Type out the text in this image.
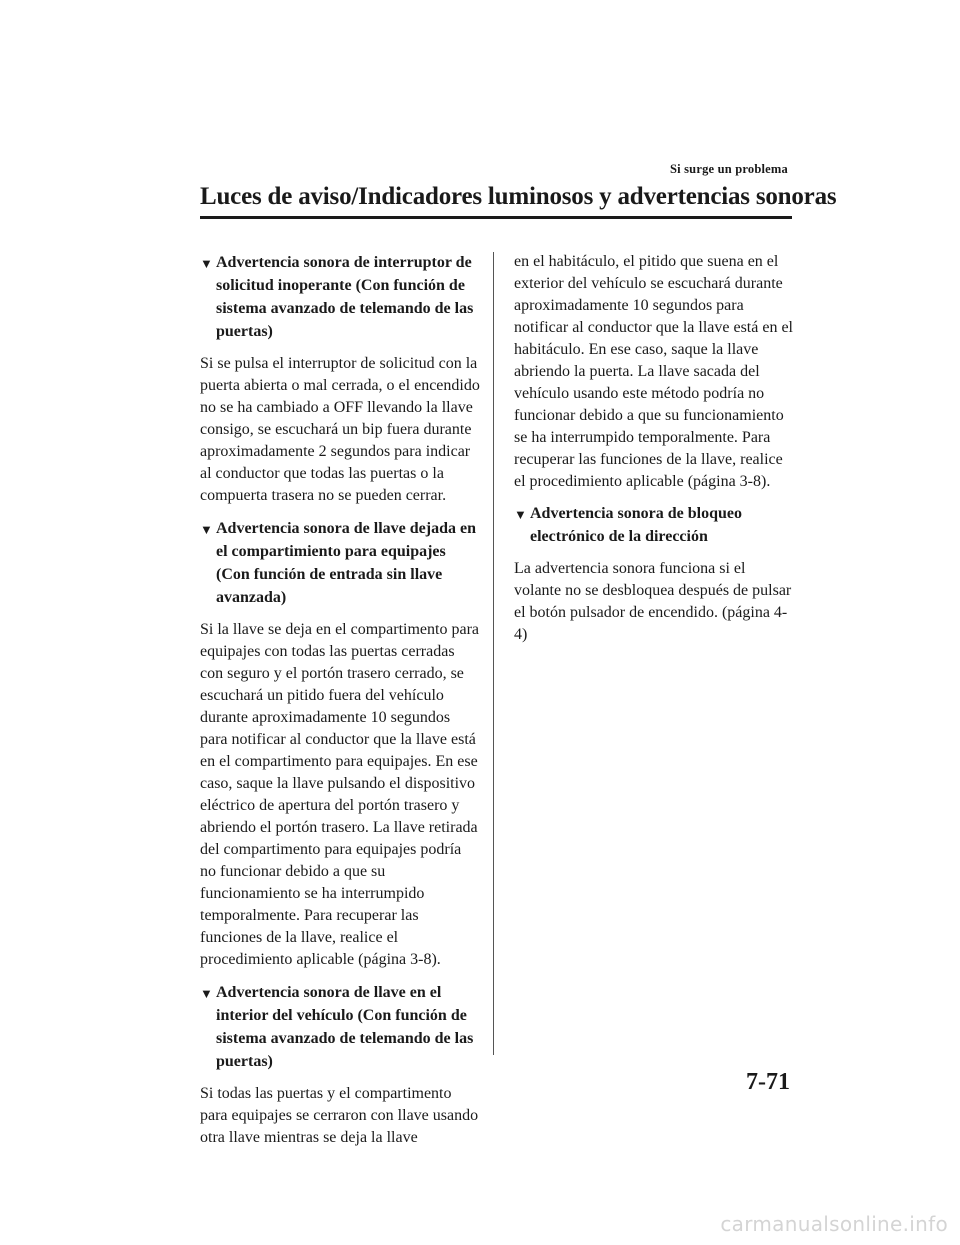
Si surge un problema
Luces de aviso/Indicadores luminosos y advertencias sonoras
▼ Advertencia sonora de interruptor de solicitud inoperante (Con función de sistema avanzado de telemando de las puertas)

Si se pulsa el interruptor de solicitud con la puerta abierta o mal cerrada, o el encendido no se ha cambiado a OFF llevando la llave consigo, se escuchará un bip fuera durante aproximadamente 2 segundos para indicar al conductor que todas las puertas o la compuerta trasera no se pueden cerrar.

▼ Advertencia sonora de llave dejada en el compartimiento para equipajes (Con función de entrada sin llave avanzada)

Si la llave se deja en el compartimento para equipajes con todas las puertas cerradas con seguro y el portón trasero cerrado, se escuchará un pitido fuera del vehículo durante aproximadamente 10 segundos para notificar al conductor que la llave está en el compartimento para equipajes. En ese caso, saque la llave pulsando el dispositivo eléctrico de apertura del portón trasero y abriendo el portón trasero. La llave retirada del compartimento para equipajes podría no funcionar debido a que su funcionamiento se ha interrumpido temporalmente. Para recuperar las funciones de la llave, realice el procedimiento aplicable (página 3-8).

▼ Advertencia sonora de llave en el interior del vehículo (Con función de sistema avanzado de telemando de las puertas)

Si todas las puertas y el compartimento para equipajes se cerraron con llave usando otra llave mientras se deja la llave

en el habitáculo, el pitido que suena en el exterior del vehículo se escuchará durante aproximadamente 10 segundos para notificar al conductor que la llave está en el habitáculo. En ese caso, saque la llave abriendo la puerta. La llave sacada del vehículo usando este método podría no funcionar debido a que su funcionamiento se ha interrumpido temporalmente. Para recuperar las funciones de la llave, realice el procedimiento aplicable (página 3-8).

▼ Advertencia sonora de bloqueo electrónico de la dirección

La advertencia sonora funciona si el volante no se desbloquea después de pulsar el botón pulsador de encendido. (página 4-4)

7-71
carmanualsonline.info
